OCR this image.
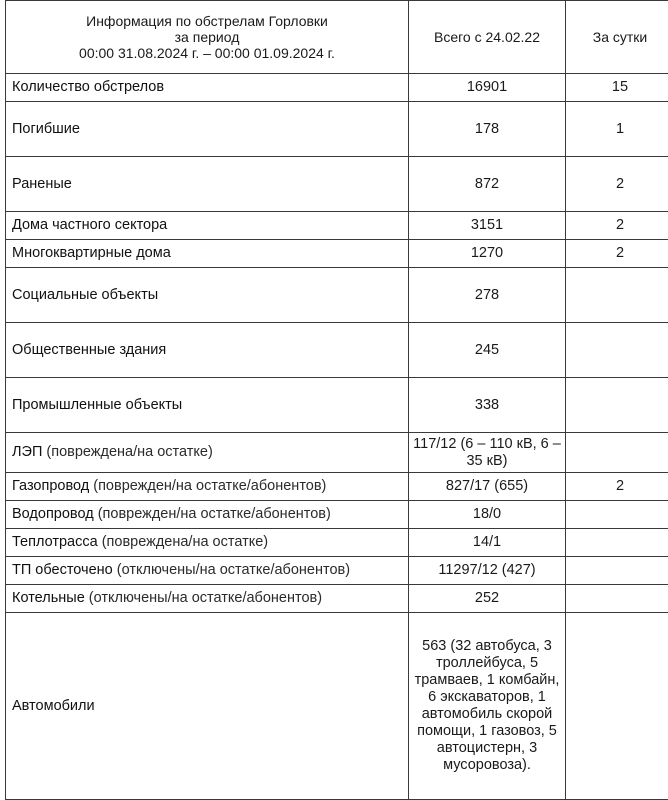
Информация по обстрелам Горловки
за период
00:00 31.08.2024 г. – 00:00 01.09.2024 г.	Всего с 24.02.22	За сутки
Количество обстрелов	16901	15
Погибшие	178	1
Раненые	872	2
Дома частного сектора	3151	2
Многоквартирные дома	1270	2
Социальные объекты	278	
Общественные здания	245	
Промышленные объекты	338	
ЛЭП (повреждена/на остатке)	117/12 (6 – 110 кВ, 6 – 35 кВ)	
Газопровод (поврежден/на остатке/абонентов)	827/17 (655)	2
Водопровод (поврежден/на остатке/абонентов)	18/0	
Теплотрасса (повреждена/на остатке)	14/1	
ТП обесточено (отключены/на остатке/абонентов)	11297/12 (427)	
Котельные (отключены/на остатке/абонентов)	252	
Автомобили	563 (32 автобуса, 3 троллейбуса, 5 трамваев, 1 комбайн, 6 экскаваторов, 1 автомобиль скорой помощи, 1 газовоз, 5 автоцистерн, 3 мусоровоза).	
